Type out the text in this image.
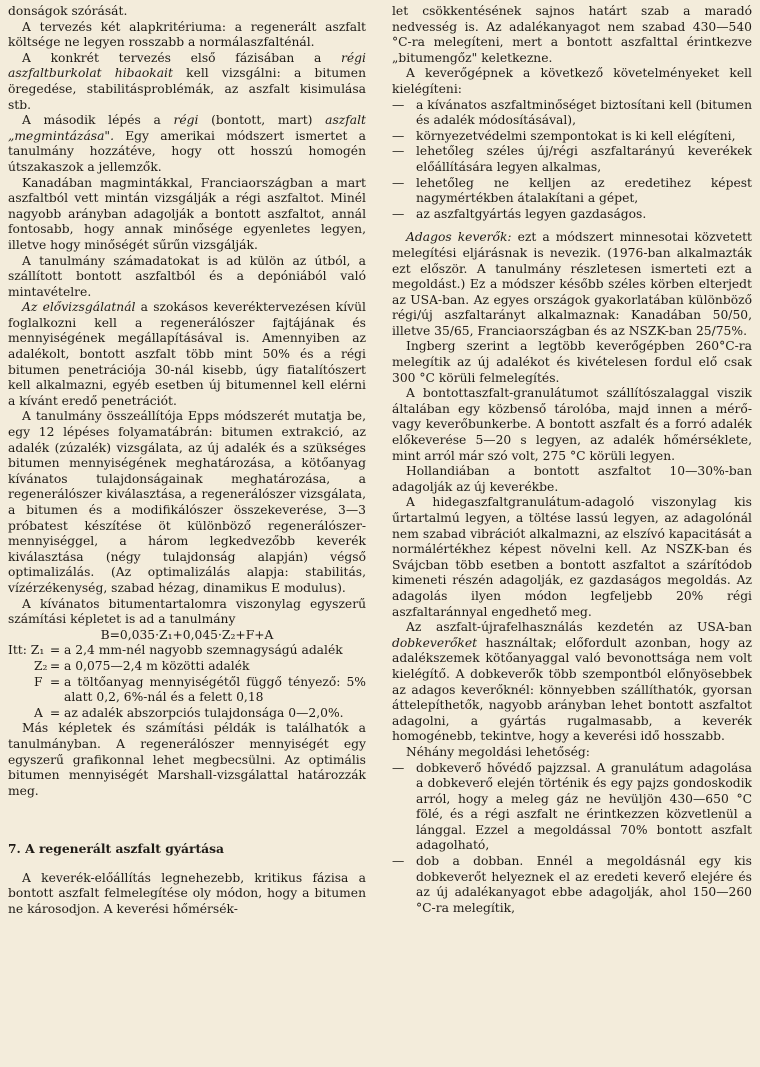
donságok szórását.

A tervezés két alapkritériuma: a regenerált aszfalt költsége ne legyen rosszabb a normálaszfalténál.

A konkrét tervezés első fázisában a régi aszfaltburkolat hibaokait kell vizsgálni: a bitumen öregedése, stabilitásproblémák, az aszfalt kisimulása stb.

A második lépés a régi (bontott, mart) aszfalt „megmintázása". Egy amerikai módszert ismertet a tanulmány hozzátéve, hogy ott hosszú homogén útszakaszok a jellemzők.

Kanadában magmintákkal, Franciaországban a mart aszfaltból vett mintán vizsgálják a régi aszfaltot. Minél nagyobb arányban adagolják a bontott aszfaltot, annál fontosabb, hogy annak minősége egyenletes legyen, illetve hogy minőségét sűrűn vizsgálják.

A tanulmány számadatokat is ad külön az útból, a szállított bontott aszfaltból és a depóniából való mintavételre.

Az elővizsgálatnál a szokásos keveréktervezésen kívül foglalkozni kell a regenerálószer fajtájának és mennyiségének megállapításával is. Amennyiben az adalékolt, bontott aszfalt több mint 50% és a régi bitumen penetrációja 30-nál kisebb, úgy fiatalítószert kell alkalmazni, egyéb esetben új bitumennel kell elérni a kívánt eredő penetrációt.

A tanulmány összeállítója Epps módszerét mutatja be, egy 12 lépéses folyamatábrán: bitumen extrakció, az adalék (zúzalék) vizsgálata, az új adalék és a szükséges bitumen mennyiségének meghatározása, a kötőanyag kívánatos tulajdonságainak meghatározása, a regenerálószer kiválasztása, a regenerálószer vizsgálata, a bitumen és a modifikálószer összekeverése, 3—3 próbatest készítése öt különböző regenerálószer-mennyiséggel, a három legkedvezőbb keverék kiválasztása (négy tulajdonság alapján) végső optimalizálás. (Az optimalizálás alapja: stabilitás, vízérzékenység, szabad hézag, dinamikus E modulus).

A kívánatos bitumentartalomra viszonylag egyszerű számítási képletet is ad a tanulmány

B=0,035·Z₁+0,045·Z₂+F+A

Itt: Z₁ = a 2,4 mm-nél nagyobb szemnagyságú adalék
Z₂ = a 0,075—2,4 m közötti adalék
F = a töltőanyag mennyiségétől függő tényező: 5% alatt 0,2, 6%-nál és a felett 0,18
A = az adalék abszorpciós tulajdonsága 0—2,0%.

Más képletek és számítási példák is találhatók a tanulmányban. A regenerálószer mennyiségét egy egyszerű grafikonnal lehet megbecsülni. Az optimális bitumen mennyiségét Marshall-vizsgálattal határozzák meg.

7. A regenerált aszfalt gyártása

A keverék-előállítás legnehezebb, kritikus fázisa a bontott aszfalt felmelegítése oly módon, hogy a bitumen ne károsodjon. A keverési hőmérsék-

let csökkentésének sajnos határt szab a maradó nedvesség is. Az adalékanyagot nem szabad 430—540 °C-ra melegíteni, mert a bontott aszfalttal érintkezve „bitumengőz" keletkezne.

A keverőgépnek a következő követelményeket kell kielégíteni:

— a kívánatos aszfaltminőséget biztosítani kell (bitumen és adalék módosításával),
— környezetvédelmi szempontokat is ki kell elégíteni,
— lehetőleg széles új/régi aszfaltarányú keverékek előállítására legyen alkalmas,
— lehetőleg ne kelljen az eredetihez képest nagymértékben átalakítani a gépet,
— az aszfaltgyártás legyen gazdaságos.

Adagos keverők: ezt a módszert minnesotai közvetett melegítési eljárásnak is nevezik. (1976-ban alkalmazták ezt először. A tanulmány részletesen ismerteti ezt a megoldást.) Ez a módszer később széles körben elterjedt az USA-ban. Az egyes országok gyakorlatában különböző régi/új aszfaltarányt alkalmaznak: Kanadában 50/50, illetve 35/65, Franciaországban és az NSZK-ban 25/75%.

Ingberg szerint a legtöbb keverőgépben 260°C-ra melegítik az új adalékot és kivételesen fordul elő csak 300 °C körüli felmelegítés.

A bontottaszfalt-granulátumot szállítószalaggal viszik általában egy közbenső tárolóba, majd innen a mérő- vagy keverőbunkerbe. A bontott aszfalt és a forró adalék előkeverése 5—20 s legyen, az adalék hőmérséklete, mint arról már szó volt, 275 °C körüli legyen.

Hollandiában a bontott aszfaltot 10—30%-ban adagolják az új keverékbe.

A hidegaszfaltgranulátum-adagoló viszonylag kis űrtartalmú legyen, a töltése lassú legyen, az adagolónál nem szabad vibrációt alkalmazni, az elszívó kapacitását a normálértékhez képest növelni kell. Az NSZK-ban és Svájcban több esetben a bontott aszfaltot a szárítódob kimeneti részén adagolják, ez gazdaságos megoldás. Az adagolás ilyen módon legfeljebb 20% régi aszfaltaránnyal engedhető meg.

Az aszfalt-újrafelhasználás kezdetén az USA-ban dobkeverőket használtak; előfordult azonban, hogy az adalékszemek kötőanyaggal való bevonottsága nem volt kielégítő. A dobkeverők több szempontból előnyösebbek az adagos keverőknél: könnyebben szállíthatók, gyorsan áttelepíthetők, nagyobb arányban lehet bontott aszfaltot adagolni, a gyártás rugalmasabb, a keverék homogénebb, tekintve, hogy a keverési idő hosszabb.

Néhány megoldási lehetőség:

— dobkeverő hővédő pajzzsal. A granulátum adagolása a dobkeverő elején történik és egy pajzs gondoskodik arról, hogy a meleg gáz ne hevüljön 430—650 °C fölé, és a régi aszfalt ne érintkezzen közvetlenül a lánggal. Ezzel a megoldással 70% bontott aszfalt adagolható,
— dob a dobban. Ennél a megoldásnál egy kis dobkeverőt helyeznek el az eredeti keverő elejére és az új adalékanyagot ebbe adagolják, ahol 150—260 °C-ra melegítik,
